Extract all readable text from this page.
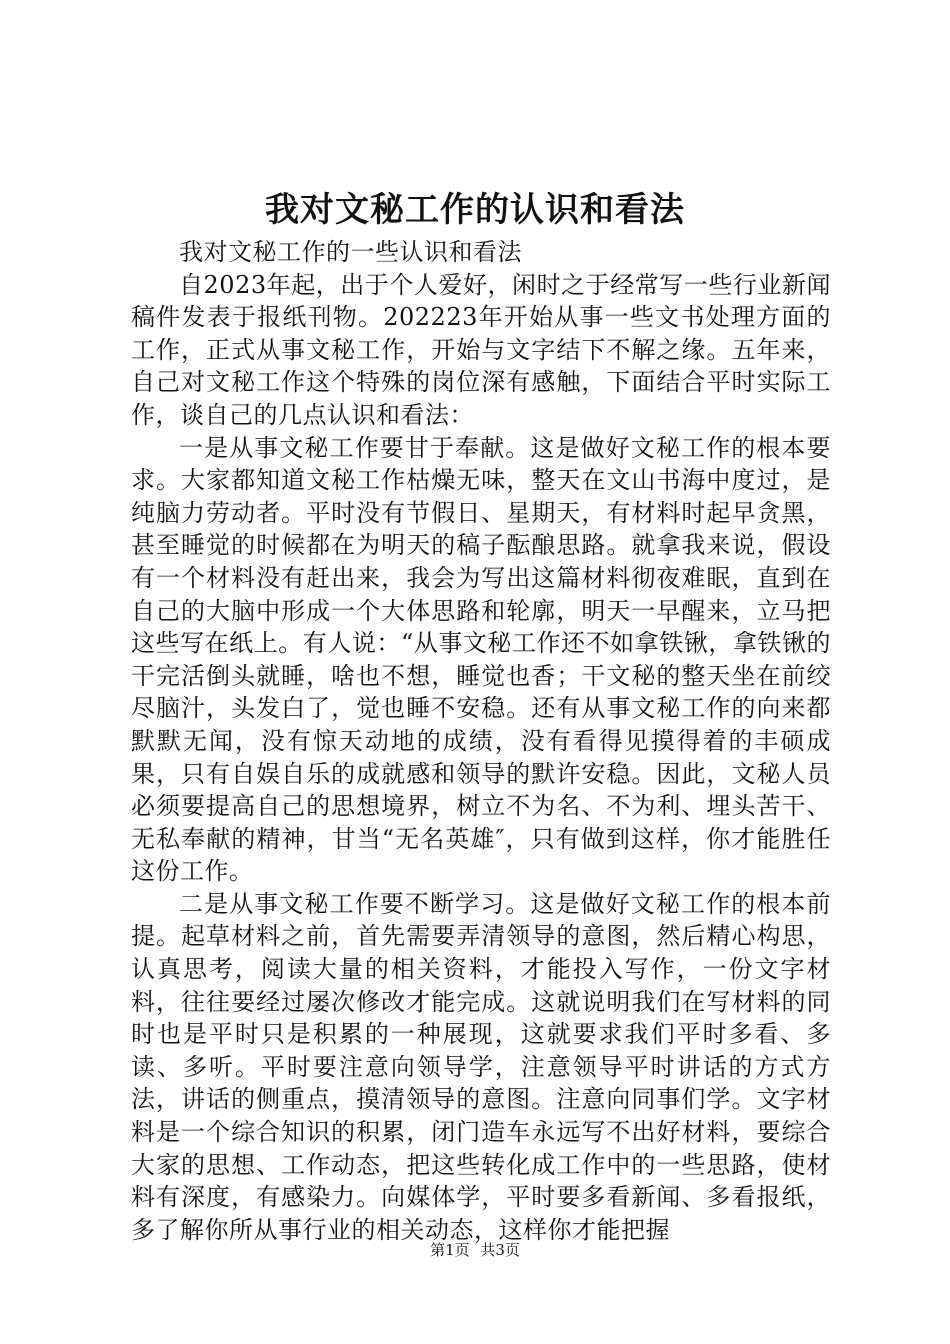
我对文秘工作的认识和看法

我对文秘工作的一些认识和看法

自2023年起，出于个人爱好，闲时之于经常写一些行业新闻稿件发表于报纸刊物。202223年开始从事一些文书处理方面的工作，正式从事文秘工作，开始与文字结下不解之缘。五年来，自己对文秘工作这个特殊的岗位深有感触，下面结合平时实际工作，谈自己的几点认识和看法：

一是从事文秘工作要甘于奉献。这是做好文秘工作的根本要求。大家都知道文秘工作枯燥无味，整天在文山书海中度过，是纯脑力劳动者。平时没有节假日、星期天，有材料时起早贪黑，甚至睡觉的时候都在为明天的稿子酝酿思路。就拿我来说，假设有一个材料没有赶出来，我会为写出这篇材料彻夜难眠，直到在自己的大脑中形成一个大体思路和轮廓，明天一早醒来，立马把这些写在纸上。有人说：“从事文秘工作还不如拿铁锹，拿铁锹的干完活倒头就睡，啥也不想，睡觉也香；干文秘的整天坐在前绞尽脑汁，头发白了，觉也睡不安稳。还有从事文秘工作的向来都默默无闻，没有惊天动地的成绩，没有看得见摸得着的丰硕成果，只有自娱自乐的成就感和领导的默许安稳。因此，文秘人员必须要提高自己的思想境界，树立不为名、不为利、埋头苦干、无私奉献的精神，甘当“无名英雄″，只有做到这样，你才能胜任这份工作。

二是从事文秘工作要不断学习。这是做好文秘工作的根本前提。起草材料之前，首先需要弄清领导的意图，然后精心构思，认真思考，阅读大量的相关资料，才能投入写作，一份文字材料，往往要经过屡次修改才能完成。这就说明我们在写材料的同时也是平时只是积累的一种展现，这就要求我们平时多看、多读、多听。平时要注意向领导学，注意领导平时讲话的方式方法，讲话的侧重点，摸清领导的意图。注意向同事们学。文字材料是一个综合知识的积累，闭门造车永远写不出好材料，要综合大家的思想、工作动态，把这些转化成工作中的一些思路，使材料有深度，有感染力。向媒体学，平时要多看新闻、多看报纸，多了解你所从事行业的相关动态，这样你才能把握

第1页 共3页
